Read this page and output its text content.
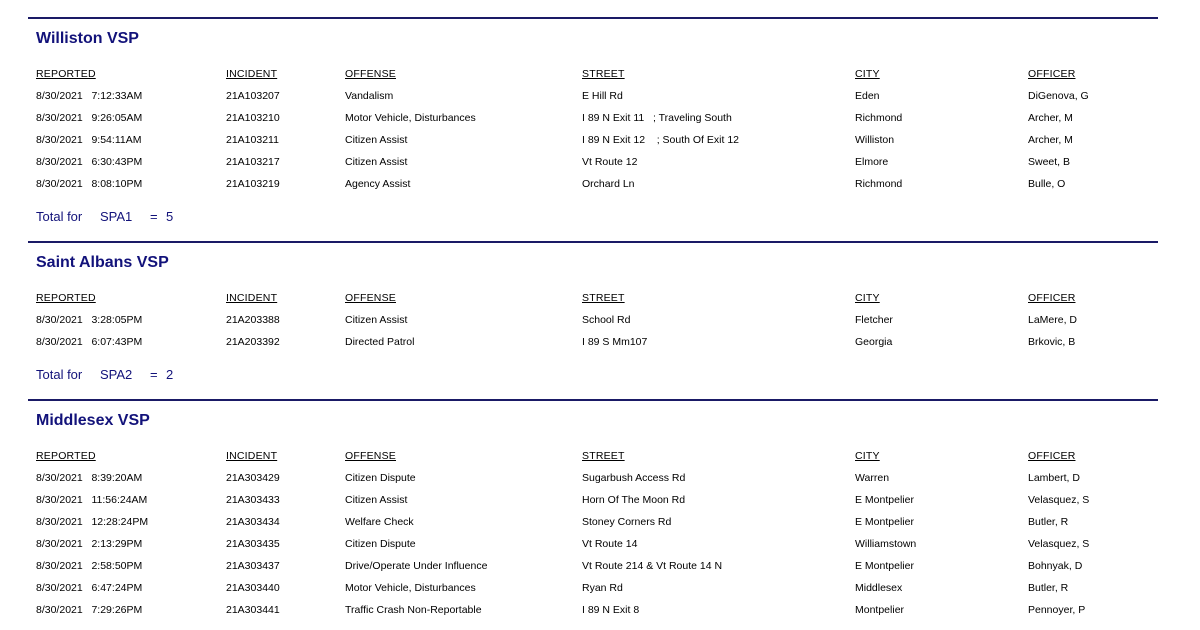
Williston VSP
REPORTED	INCIDENT	OFFENSE	STREET	CITY	OFFICER
8/30/2021   7:12:33AM	21A103207	Vandalism	E Hill Rd	Eden	DiGenova, G
8/30/2021   9:26:05AM	21A103210	Motor Vehicle, Disturbances	I 89 N Exit 11   ; Traveling South	Richmond	Archer, M
8/30/2021   9:54:11AM	21A103211	Citizen Assist	I 89 N Exit 12    ; South Of Exit 12	Williston	Archer, M
8/30/2021   6:30:43PM	21A103217	Citizen Assist	Vt Route 12	Elmore	Sweet, B
8/30/2021   8:08:10PM	21A103219	Agency Assist	Orchard Ln	Richmond	Bulle, O
Total for SPA1 = 5
Saint Albans VSP
REPORTED	INCIDENT	OFFENSE	STREET	CITY	OFFICER
8/30/2021   3:28:05PM	21A203388	Citizen Assist	School Rd	Fletcher	LaMere, D
8/30/2021   6:07:43PM	21A203392	Directed Patrol	I 89 S Mm107	Georgia	Brkovic, B
Total for SPA2 = 2
Middlesex VSP
REPORTED	INCIDENT	OFFENSE	STREET	CITY	OFFICER
8/30/2021   8:39:20AM	21A303429	Citizen Dispute	Sugarbush Access Rd	Warren	Lambert, D
8/30/2021   11:56:24AM	21A303433	Citizen Assist	Horn Of The Moon Rd	E Montpelier	Velasquez, S
8/30/2021   12:28:24PM	21A303434	Welfare Check	Stoney Corners Rd	E Montpelier	Butler, R
8/30/2021   2:13:29PM	21A303435	Citizen Dispute	Vt Route 14	Williamstown	Velasquez, S
8/30/2021   2:58:50PM	21A303437	Drive/Operate Under Influence	Vt Route 214 & Vt Route 14 N	E Montpelier	Bohnyak, D
8/30/2021   6:47:24PM	21A303440	Motor Vehicle, Disturbances	Ryan Rd	Middlesex	Butler, R
8/30/2021   7:29:26PM	21A303441	Traffic Crash Non-Reportable	I 89 N Exit 8	Montpelier	Pennoyer, P
